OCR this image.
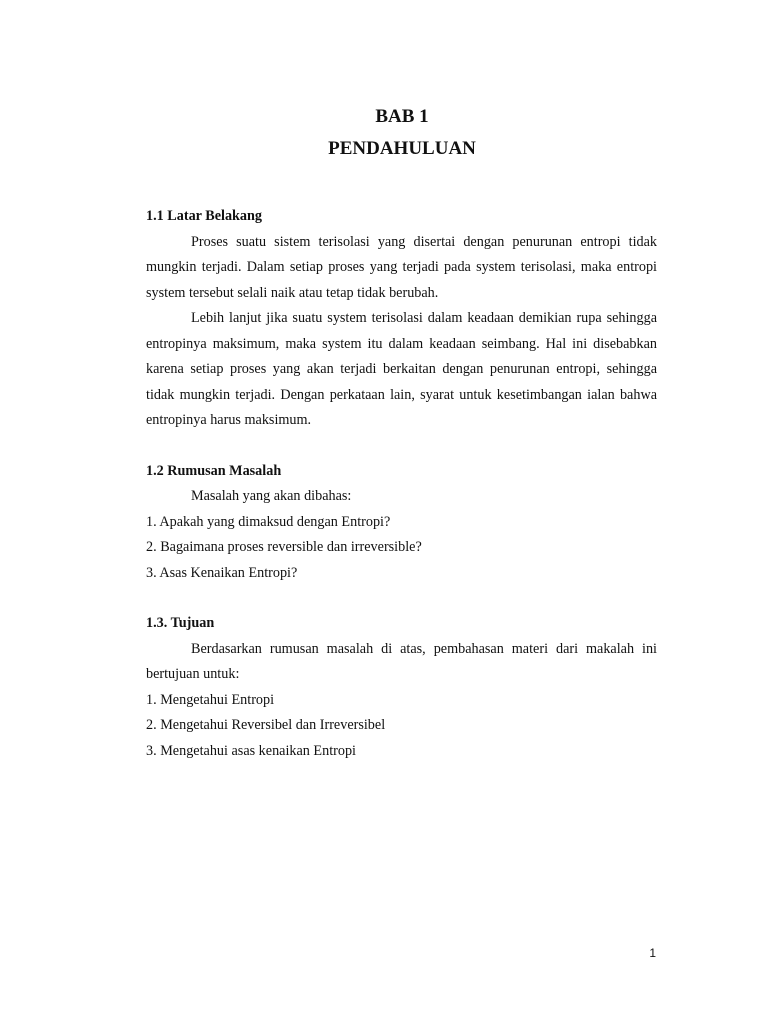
BAB 1
PENDAHULUAN

1.1 Latar Belakang

Proses suatu sistem terisolasi yang disertai dengan penurunan entropi tidak mungkin terjadi. Dalam setiap proses yang terjadi pada system terisolasi, maka entropi system tersebut selali naik atau tetap tidak berubah.

Lebih lanjut jika suatu system terisolasi dalam keadaan demikian rupa sehingga entropinya maksimum, maka system itu dalam keadaan seimbang. Hal ini disebabkan karena setiap proses yang akan terjadi berkaitan dengan penurunan entropi, sehingga tidak mungkin terjadi. Dengan perkataan lain, syarat untuk kesetimbangan ialan bahwa entropinya harus maksimum.

1.2 Rumusan Masalah

Masalah yang akan dibahas:

1. Apakah yang dimaksud dengan Entropi?

2. Bagaimana proses reversible dan irreversible?

3. Asas Kenaikan Entropi?

1.3. Tujuan

Berdasarkan rumusan masalah di atas, pembahasan materi dari makalah ini bertujuan untuk:

1. Mengetahui Entropi

2. Mengetahui Reversibel dan Irreversibel

3. Mengetahui asas kenaikan Entropi

1
